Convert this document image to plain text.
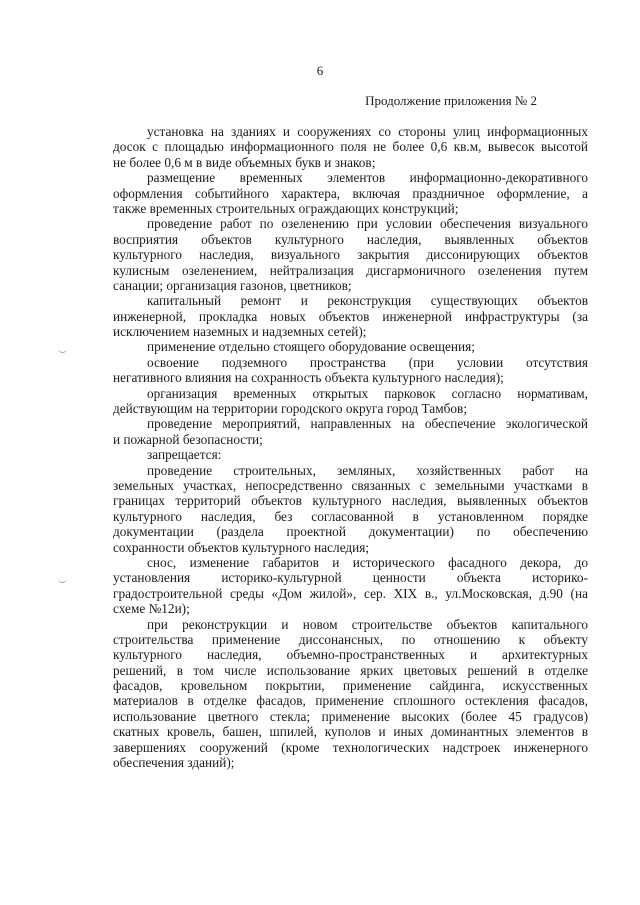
6
Продолжение приложения № 2
установка на зданиях и сооружениях со стороны улиц информационных
досок с площадью информационного поля не более 0,6 кв.м, вывесок высотой
не более 0,6 м в виде объемных букв и знаков;
размещение временных элементов информационно-декоративного
оформления событийного характера, включая праздничное оформление, а
также временных строительных ограждающих конструкций;
проведение работ по озеленению при условии обеспечения визуального
восприятия объектов культурного наследия, выявленных объектов
культурного наследия, визуального закрытия диссонирующих объектов
кулисным озеленением, нейтрализация дисгармоничного озеленения путем
санации; организация газонов, цветников;
капитальный ремонт и реконструкция существующих объектов
инженерной, прокладка новых объектов инженерной инфраструктуры (за
исключением наземных и надземных сетей);
применение отдельно стоящего оборудование освещения;
освоение подземного пространства (при условии отсутствия
негативного влияния на сохранность объекта культурного наследия);
организация временных открытых парковок согласно нормативам,
действующим на территории городского округа город Тамбов;
проведение мероприятий, направленных на обеспечение экологической
и пожарной безопасности;
запрещается:
проведение строительных, земляных, хозяйственных работ на
земельных участках, непосредственно связанных с земельными участками в
границах территорий объектов культурного наследия, выявленных объектов
культурного наследия, без согласованной в установленном порядке
документации (раздела проектной документации) по обеспечению
сохранности объектов культурного наследия;
снос, изменение габаритов и исторического фасадного декора, до
установления историко-культурной ценности объекта историко-
градостроительной среды «Дом жилой», сер. XIX в., ул.Московская, д.90 (на
схеме №12и);
при реконструкции и новом строительстве объектов капитального
строительства применение диссонансных, по отношению к объекту
культурного наследия, объемно-пространственных и архитектурных
решений, в том числе использование ярких цветовых решений в отделке
фасадов, кровельном покрытии, применение сайдинга, искусственных
материалов в отделке фасадов, применение сплошного остекления фасадов,
использование цветного стекла; применение высоких (более 45 градусов)
скатных кровель, башен, шпилей, куполов и иных доминантных элементов в
завершениях сооружений (кроме технологических надстроек инженерного
обеспечения зданий);
